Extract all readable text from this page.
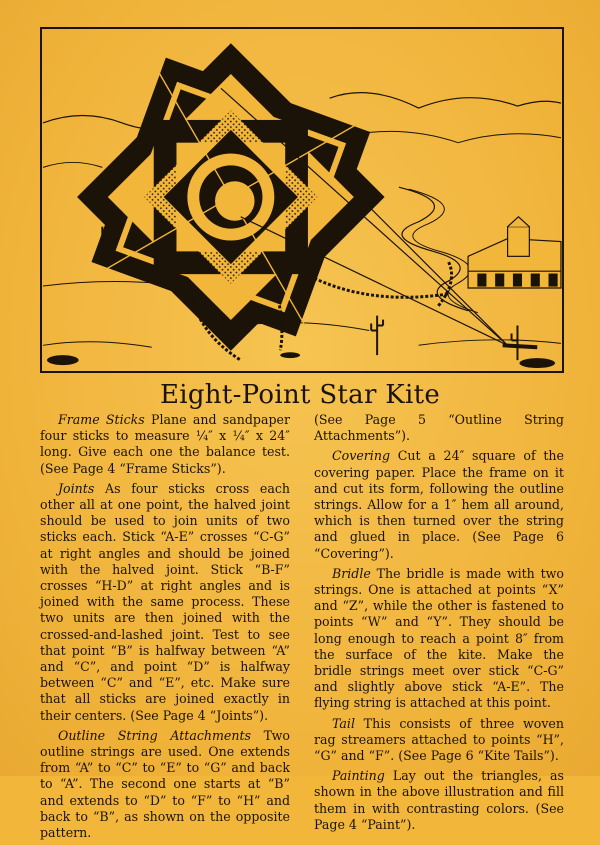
Eight-Point Star Kite

Frame Sticks Plane and sandpaper four sticks to measure ¼″ x ¼″ x 24″ long. Give each one the balance test. (See Page 4 “Frame Sticks”).

Joints As four sticks cross each other all at one point, the halved joint should be used to join units of two sticks each. Stick “A-E” crosses “C-G” at right angles and should be joined with the halved joint. Stick “B-F” crosses “H-D” at right angles and is joined with the same process. These two units are then joined with the crossed-and-lashed joint. Test to see that point “B” is halfway between “A” and “C”, and point “D” is halfway between “C” and “E”, etc. Make sure that all sticks are joined exactly in their centers. (See Page 4 “Joints”).

Outline String Attachments Two outline strings are used. One extends from “A” to “C” to “E” to “G” and back to “A”. The second one starts at “B” and extends to “D” to “F” to “H” and back to “B”, as shown on the opposite pattern.

(See Page 5 “Outline String Attachments”).

Covering Cut a 24″ square of the covering paper. Place the frame on it and cut its form, following the outline strings. Allow for a 1″ hem all around, which is then turned over the string and glued in place. (See Page 6 “Covering”).

Bridle The bridle is made with two strings. One is attached at points “X” and “Z”, while the other is fastened to points “W” and “Y”. They should be long enough to reach a point 8″ from the surface of the kite. Make the bridle strings meet over stick “C-G” and slightly above stick “A-E”. The flying string is attached at this point.

Tail This consists of three woven rag streamers attached to points “H”, “G” and “F”. (See Page 6 “Kite Tails”).

Painting Lay out the triangles, as shown in the above illustration and fill them in with contrasting colors. (See Page 4 “Paint”).
